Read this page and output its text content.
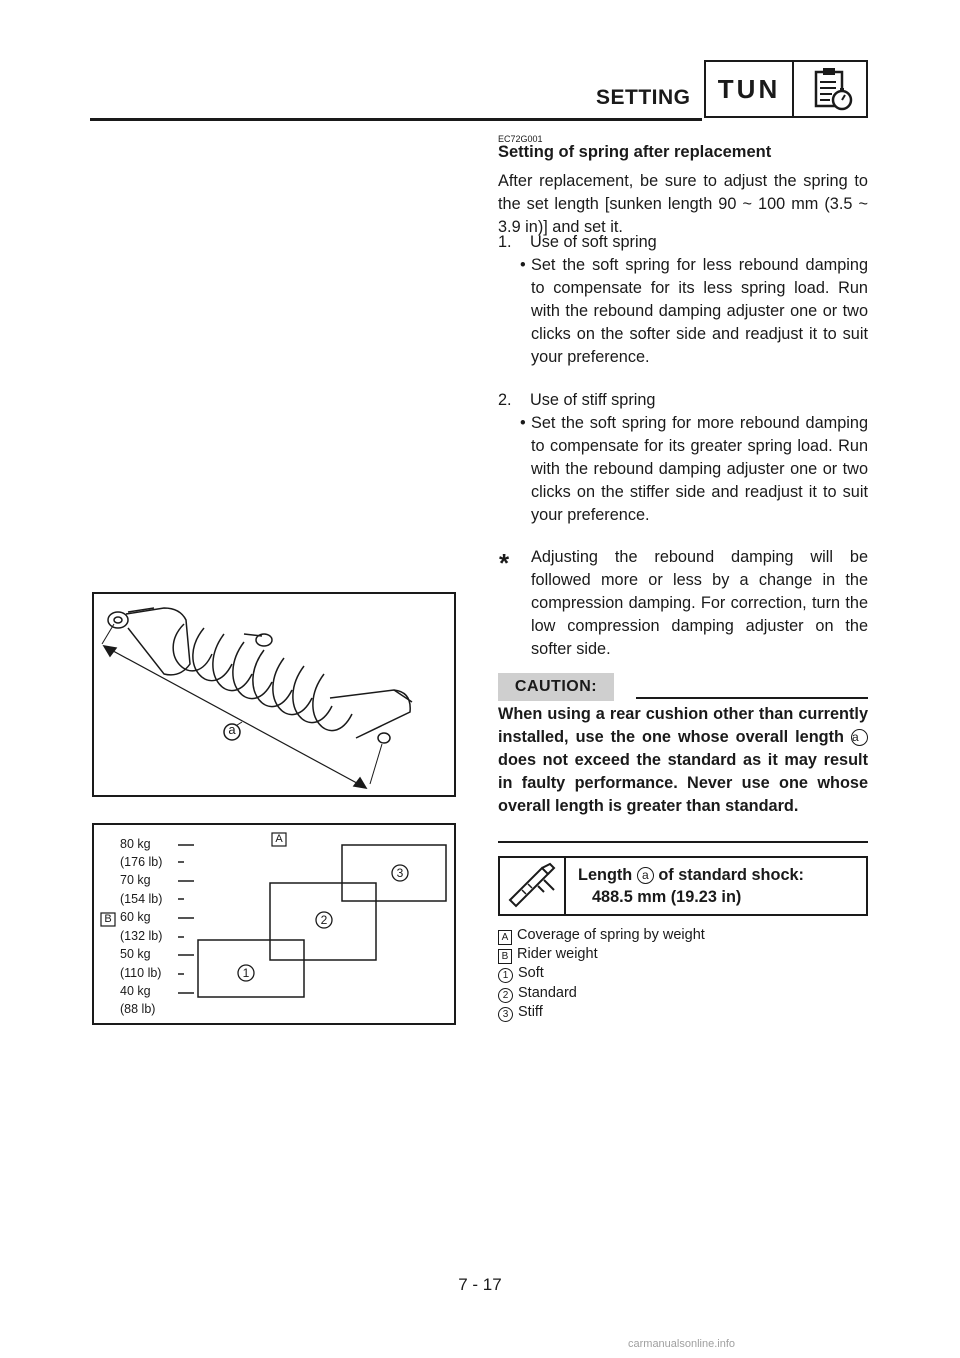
SETTING	TUN
EC72G001
Setting of spring after replacement
After replacement, be sure to adjust the spring to the set length [sunken length 90 ~ 100 mm (3.5 ~ 3.9 in)] and set it.
1. Use of soft spring
• Set the soft spring for less rebound damping to compensate for its less spring load. Run with the rebound damping adjuster one or two clicks on the softer side and readjust it to suit your preference.
2. Use of stiff spring
• Set the soft spring for more rebound damping to compensate for its greater spring load. Run with the rebound damping adjuster one or two clicks on the stiffer side and readjust it to suit your preference.
* Adjusting the rebound damping will be followed more or less by a change in the compression damping. For correction, turn the low compression damping adjuster on the softer side.
CAUTION:
When using a rear cushion other than currently installed, use the one whose overall length a does not exceed the standard as it may result in faulty performance. Never use one whose overall length is greater than standard.
Length a of standard shock:
488.5 mm (19.23 in)
A Coverage of spring by weight
B Rider weight
1 Soft
2 Standard
3 Stiff
a
A
B
1
2
3
80 kg
(176 lb)
70 kg
(154 lb)
60 kg
(132 lb)
50 kg
(110 lb)
40 kg
(88 lb)
7 - 17
carmanualsonline.info
